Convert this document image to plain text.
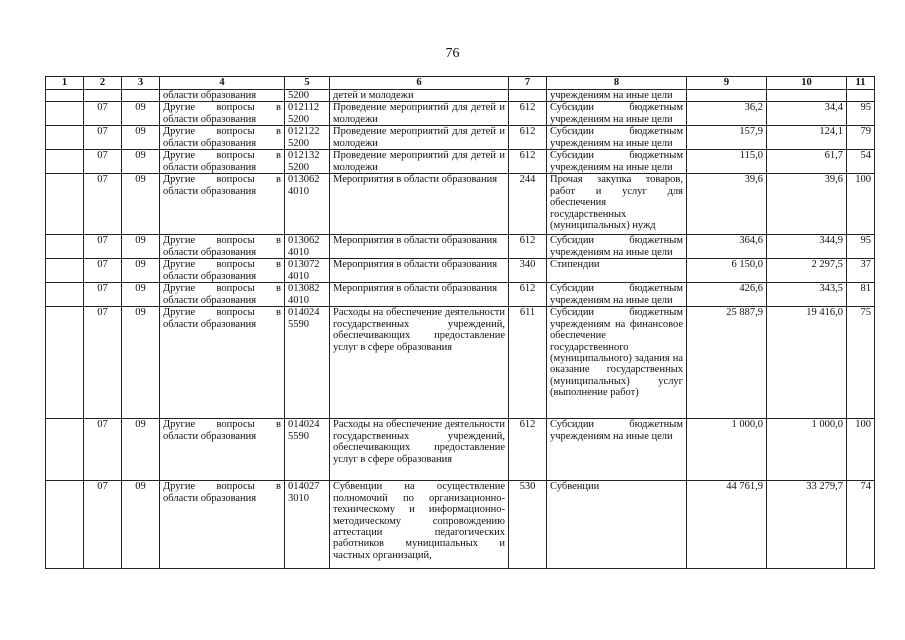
76
1	2	3	4	5	6	7	8	9	10	11
			области образования	5200	детей и молодежи		учреждениям на иные цели			
	07	09	Другие вопросы в области образования	012112 5200	Проведение мероприятий для детей и молодежи	612	Субсидии бюджетным учреждениям на иные цели	36,2	34,4	95
	07	09	Другие вопросы в области образования	012122 5200	Проведение мероприятий для детей и молодежи	612	Субсидии бюджетным учреждениям на иные цели	157,9	124,1	79
	07	09	Другие вопросы в области образования	012132 5200	Проведение мероприятий для детей и молодежи	612	Субсидии бюджетным учреждениям на иные цели	115,0	61,7	54
	07	09	Другие вопросы в области образования	013062 4010	Мероприятия в области образования	244	Прочая закупка товаров, работ и услуг для обеспечения государственных (муниципальных) нужд	39,6	39,6	100
	07	09	Другие вопросы в области образования	013062 4010	Мероприятия в области образования	612	Субсидии бюджетным учреждениям на иные цели	364,6	344,9	95
	07	09	Другие вопросы в области образования	013072 4010	Мероприятия в области образования	340	Стипендии	6 150,0	2 297,5	37
	07	09	Другие вопросы в области образования	013082 4010	Мероприятия в области образования	612	Субсидии бюджетным учреждениям на иные цели	426,6	343,5	81
	07	09	Другие вопросы в области образования	014024 5590	Расходы на обеспечение деятельности государственных учреждений, обеспечивающих предоставление услуг в сфере образования	611	Субсидии бюджетным учреждениям на финансовое обеспечение государственного (муниципального) задания на оказание государственных (муниципальных) услуг (выполнение работ)	25 887,9	19 416,0	75
	07	09	Другие вопросы в области образования	014024 5590	Расходы на обеспечение деятельности государственных учреждений, обеспечивающих предоставление услуг в сфере образования	612	Субсидии бюджетным учреждениям на иные цели	1 000,0	1 000,0	100
	07	09	Другие вопросы в области образования	014027 3010	Субвенции на осуществление полномочий по организационно-техническому и информационно-методическому сопровождению аттестации педагогических работников муниципальных и частных организаций,	530	Субвенции	44 761,9	33 279,7	74
